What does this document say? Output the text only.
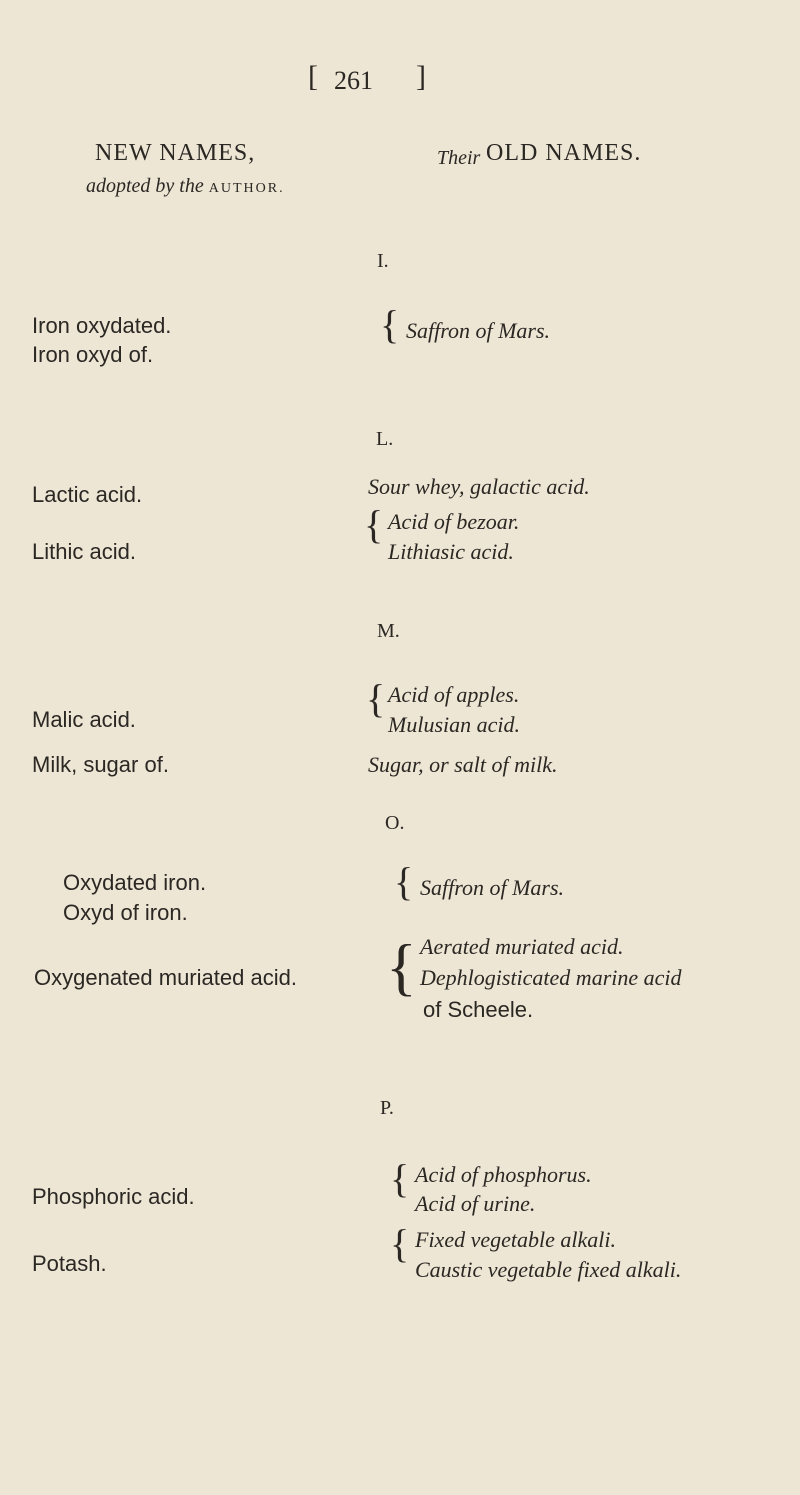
[ 261 ]
NEW NAMES,
adopted by the AUTHOR.
Their OLD NAMES.
I.
Iron oxydated.
Iron oxyd of.
{ Saffron of Mars.
L.
Lactic acid.
Lithic acid.
Sour whey, galactic acid.
{ Acid of bezoar.
Lithiasic acid.
M.
Malic acid.
Milk, sugar of.
{ Acid of apples.
Mulusian acid.
Sugar, or salt of milk.
O.
Oxydated iron.
Oxyd of iron.
{ Saffron of Mars.
Oxygenated muriated acid. { Aerated muriated acid.
Dephlogisticated marine acid
of Scheele.
P.
Phosphoric acid.
Potash.
{ Acid of phosphorus.
Acid of urine.
{ Fixed vegetable alkali.
Caustic vegetable fixed alkali.
